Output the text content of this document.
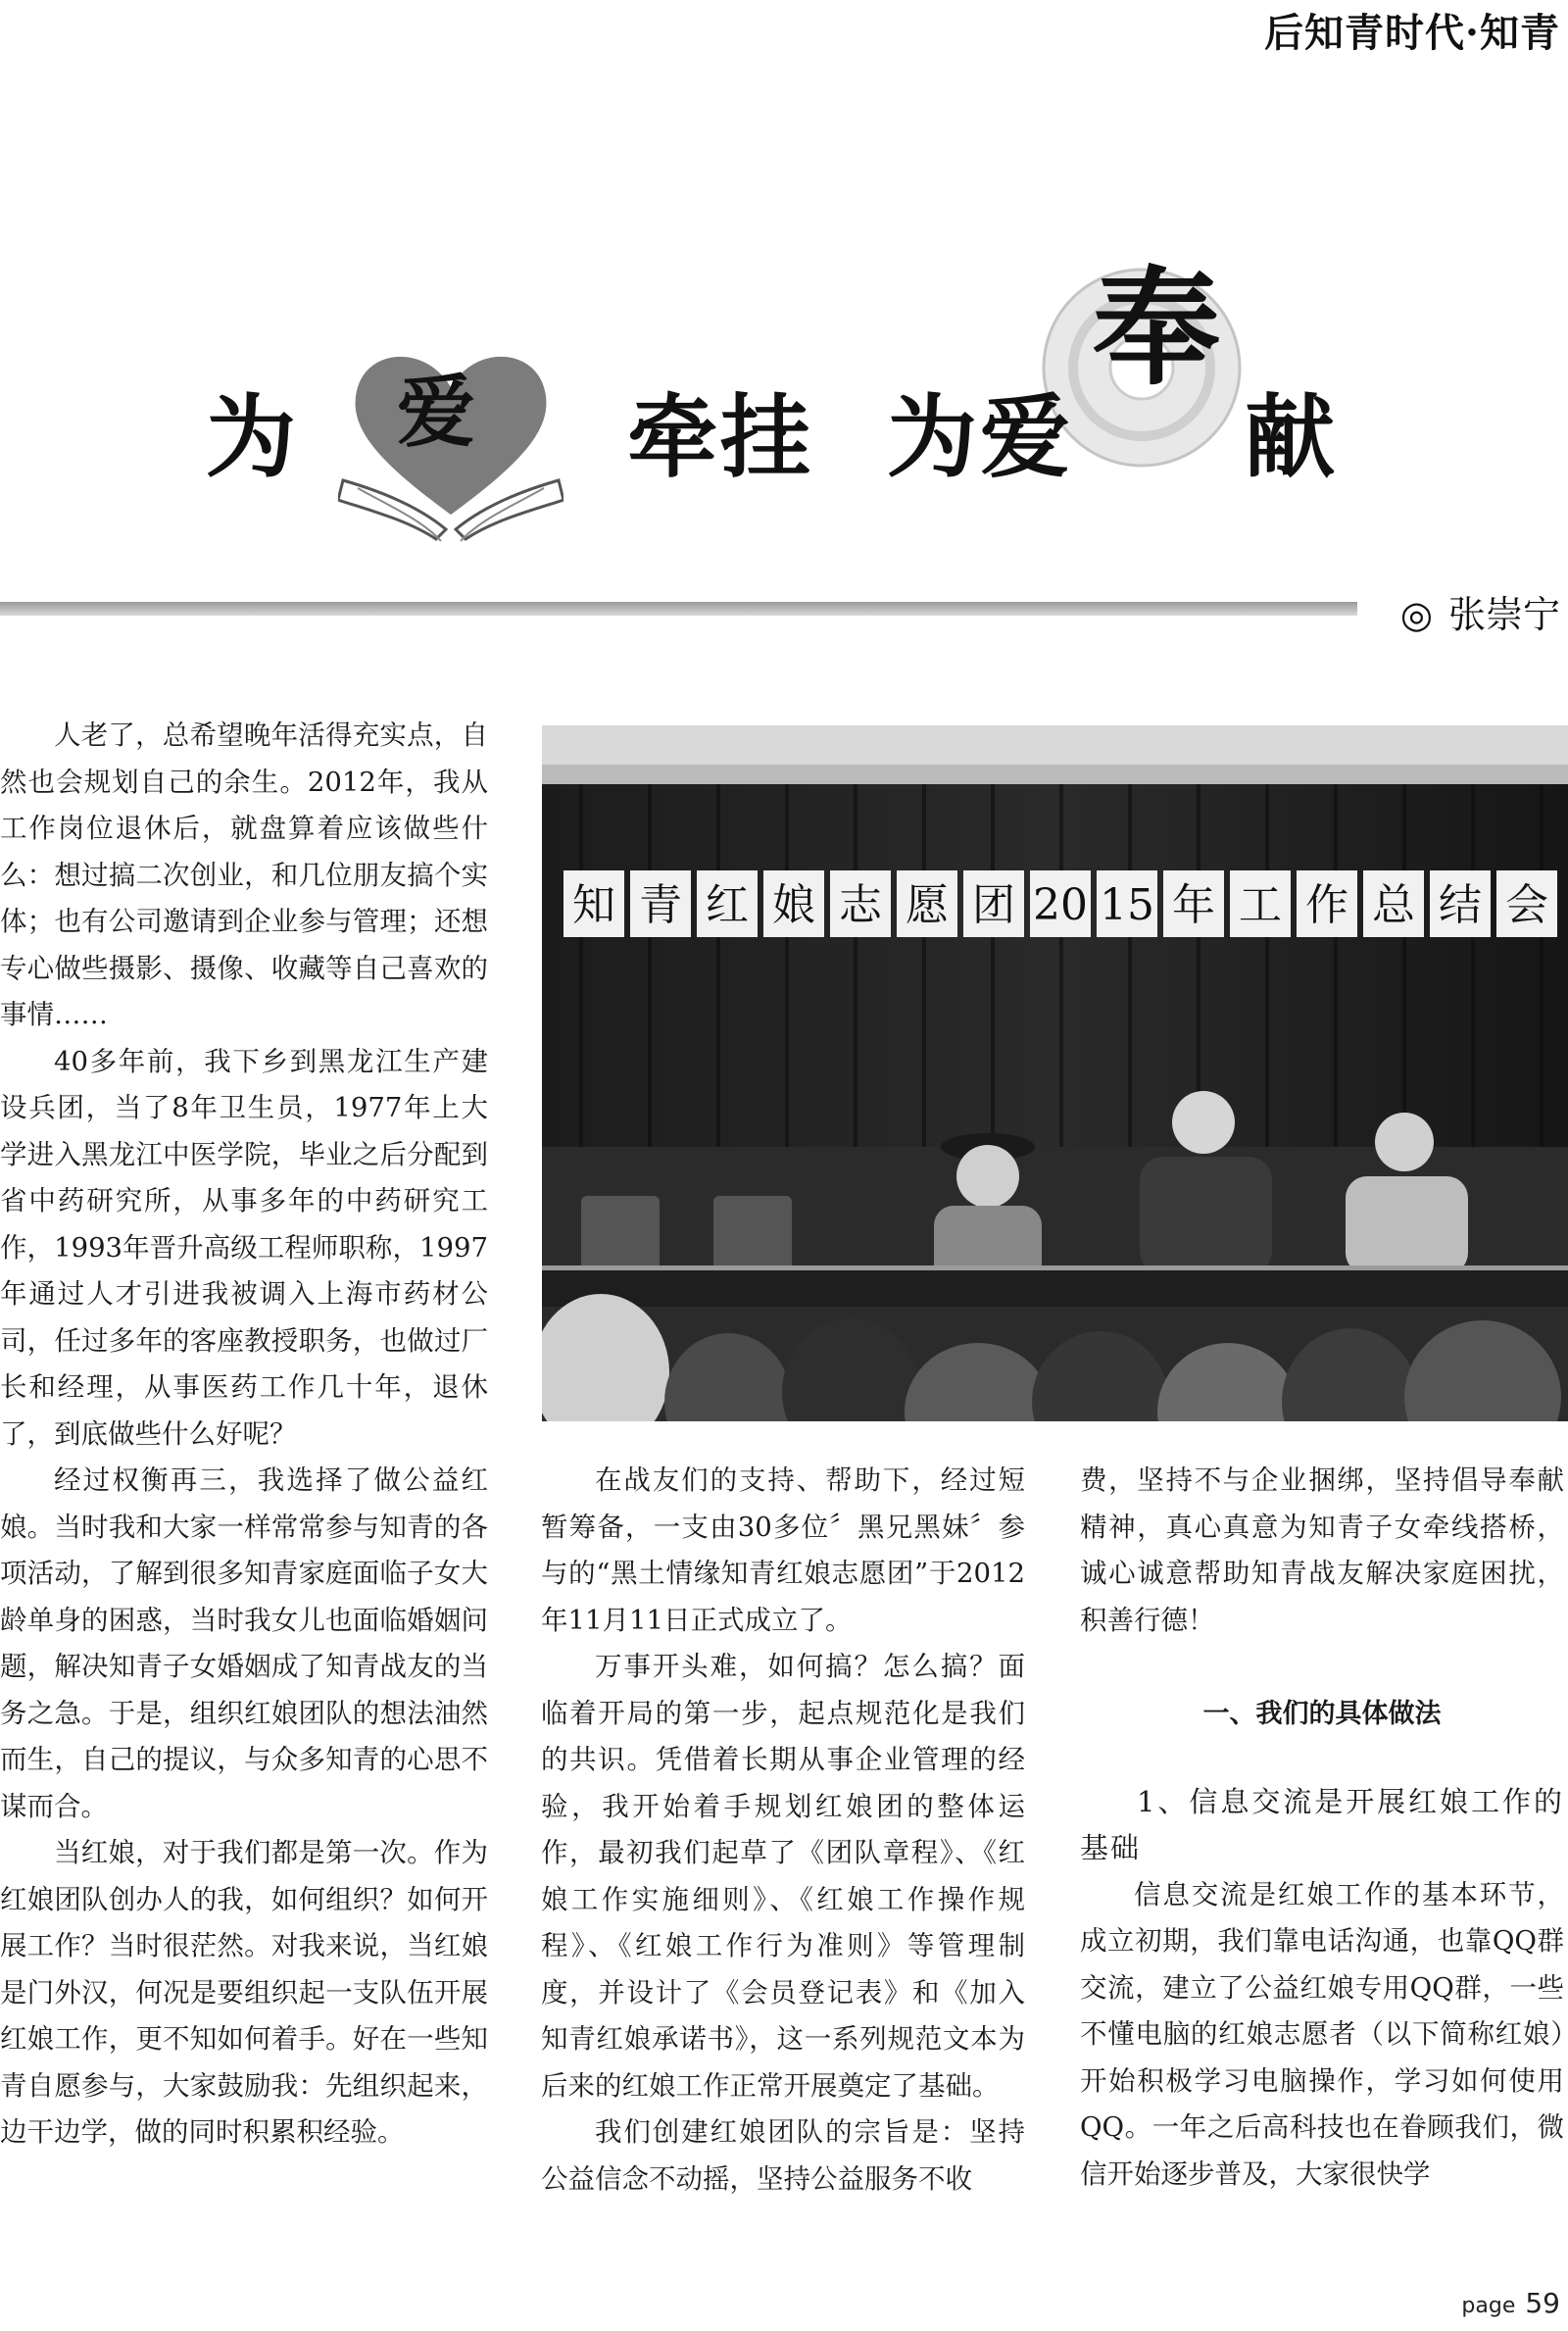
后知青时代·知青
为 爱 牵 挂 为 爱
奉
献
◎ 张崇宁

人老了，总希望晚年活得充实点，自然也会规划自己的余生。2012年，我从工作岗位退休后，就盘算着应该做些什么：想过搞二次创业，和几位朋友搞个实体；也有公司邀请到企业参与管理；还想专心做些摄影、摄像、收藏等自己喜欢的事情……

40多年前，我下乡到黑龙江生产建设兵团，当了8年卫生员，1977年上大学进入黑龙江中医学院，毕业之后分配到省中药研究所，从事多年的中药研究工作，1993年晋升高级工程师职称，1997年通过人才引进我被调入上海市药材公司，任过多年的客座教授职务，也做过厂长和经理，从事医药工作几十年，退休了，到底做些什么好呢？

经过权衡再三，我选择了做公益红娘。当时我和大家一样常常参与知青的各项活动，了解到很多知青家庭面临子女大龄单身的困惑，当时我女儿也面临婚姻问题，解决知青子女婚姻成了知青战友的当务之急。于是，组织红娘团队的想法油然而生，自己的提议，与众多知青的心思不谋而合。

当红娘，对于我们都是第一次。作为红娘团队创办人的我，如何组织？如何开展工作？当时很茫然。对我来说，当红娘是门外汉，何况是要组织起一支队伍开展红娘工作，更不知如何着手。好在一些知青自愿参与，大家鼓励我：先组织起来，边干边学，做的同时积累积经验。

知 青 红 娘 志 愿 团 20 15 年 工 作 总 结 会

在战友们的支持、帮助下，经过短暂筹备，一支由30多位〞黑兄黑妹〞参与的“黑土情缘知青红娘志愿团”于2012年11月11日正式成立了。

万事开头难，如何搞？怎么搞？面临着开局的第一步，起点规范化是我们的共识。凭借着长期从事企业管理的经验，我开始着手规划红娘团的整体运作，最初我们起草了《团队章程》、《红娘工作实施细则》、《红娘工作操作规程》、《红娘工作行为准则》等管理制度，并设计了《会员登记表》和《加入知青红娘承诺书》，这一系列规范文本为后来的红娘工作正常开展奠定了基础。

我们创建红娘团队的宗旨是：坚持公益信念不动摇，坚持公益服务不收

费，坚持不与企业捆绑，坚持倡导奉献精神，真心真意为知青子女牵线搭桥，诚心诚意帮助知青战友解决家庭困扰，积善行德！

一、我们的具体做法

1、信息交流是开展红娘工作的基础

信息交流是红娘工作的基本环节，成立初期，我们靠电话沟通，也靠QQ群交流，建立了公益红娘专用QQ群，一些不懂电脑的红娘志愿者（以下简称红娘）开始积极学习电脑操作，学习如何使用QQ。一年之后高科技也在眷顾我们，微信开始逐步普及，大家很快学

page 59
